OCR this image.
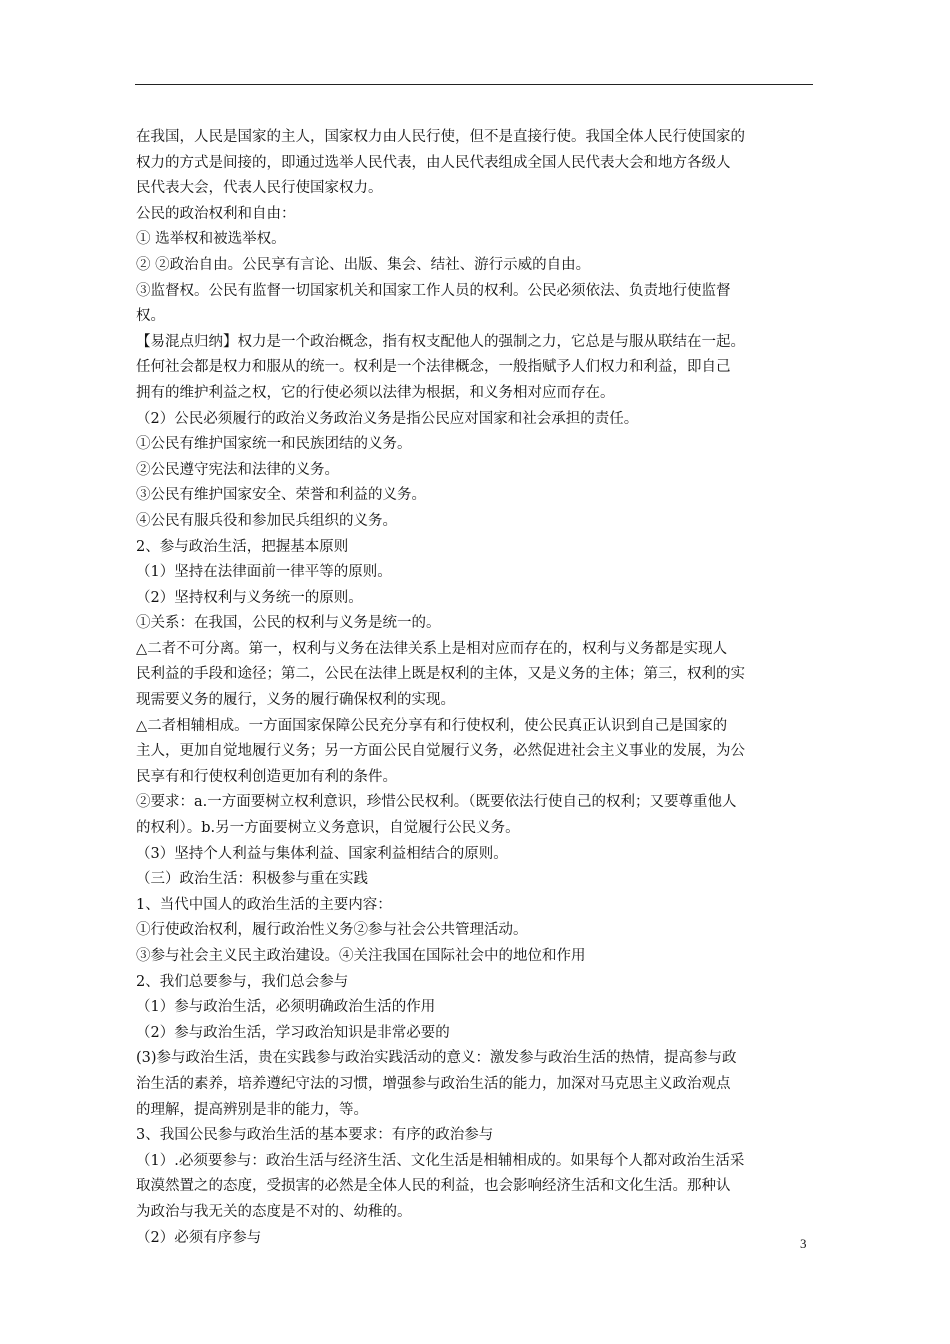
在我国，人民是国家的主人，国家权力由人民行使，但不是直接行使。我国全体人民行使国家的
权力的方式是间接的，即通过选举人民代表，由人民代表组成全国人民代表大会和地方各级人
民代表大会，代表人民行使国家权力。
公民的政治权利和自由：
① 选举权和被选举权。
② ②政治自由。公民享有言论、出版、集会、结社、游行示威的自由。
③监督权。公民有监督一切国家机关和国家工作人员的权利。公民必须依法、负责地行使监督
权。
【易混点归纳】权力是一个政治概念，指有权支配他人的强制之力，它总是与服从联结在一起。
任何社会都是权力和服从的统一。权利是一个法律概念，一般指赋予人们权力和利益，即自己
拥有的维护利益之权，它的行使必须以法律为根据，和义务相对应而存在。
（2）公民必须履行的政治义务政治义务是指公民应对国家和社会承担的责任。
①公民有维护国家统一和民族团结的义务。
②公民遵守宪法和法律的义务。
③公民有维护国家安全、荣誉和利益的义务。
④公民有服兵役和参加民兵组织的义务。
2、参与政治生活，把握基本原则
（1）坚持在法律面前一律平等的原则。
（2）坚持权利与义务统一的原则。
①关系：在我国，公民的权利与义务是统一的。
△二者不可分离。第一，权利与义务在法律关系上是相对应而存在的，权利与义务都是实现人
民利益的手段和途径；第二，公民在法律上既是权利的主体，又是义务的主体；第三，权利的实
现需要义务的履行，义务的履行确保权利的实现。
△二者相辅相成。一方面国家保障公民充分享有和行使权利，使公民真正认识到自己是国家的
主人，更加自觉地履行义务；另一方面公民自觉履行义务，必然促进社会主义事业的发展，为公
民享有和行使权利创造更加有利的条件。
②要求：a.一方面要树立权利意识，珍惜公民权利。（既要依法行使自己的权利；又要尊重他人
的权利）。b.另一方面要树立义务意识，自觉履行公民义务。
（3）坚持个人利益与集体利益、国家利益相结合的原则。
（三）政治生活：积极参与重在实践
1、当代中国人的政治生活的主要内容：
①行使政治权利，履行政治性义务②参与社会公共管理活动。
③参与社会主义民主政治建设。④关注我国在国际社会中的地位和作用
2、我们总要参与，我们总会参与
（1）参与政治生活，必须明确政治生活的作用
（2）参与政治生活，学习政治知识是非常必要的
(3)参与政治生活，贵在实践参与政治实践活动的意义：激发参与政治生活的热情，提高参与政
治生活的素养，培养遵纪守法的习惯，增强参与政治生活的能力，加深对马克思主义政治观点
的理解，提高辨别是非的能力，等。
3、我国公民参与政治生活的基本要求：有序的政治参与
（1）.必须要参与：政治生活与经济生活、文化生活是相辅相成的。如果每个人都对政治生活采
取漠然置之的态度，受损害的必然是全体人民的利益，也会影响经济生活和文化生活。那种认
为政治与我无关的态度是不对的、幼稚的。
（2）必须有序参与	3
